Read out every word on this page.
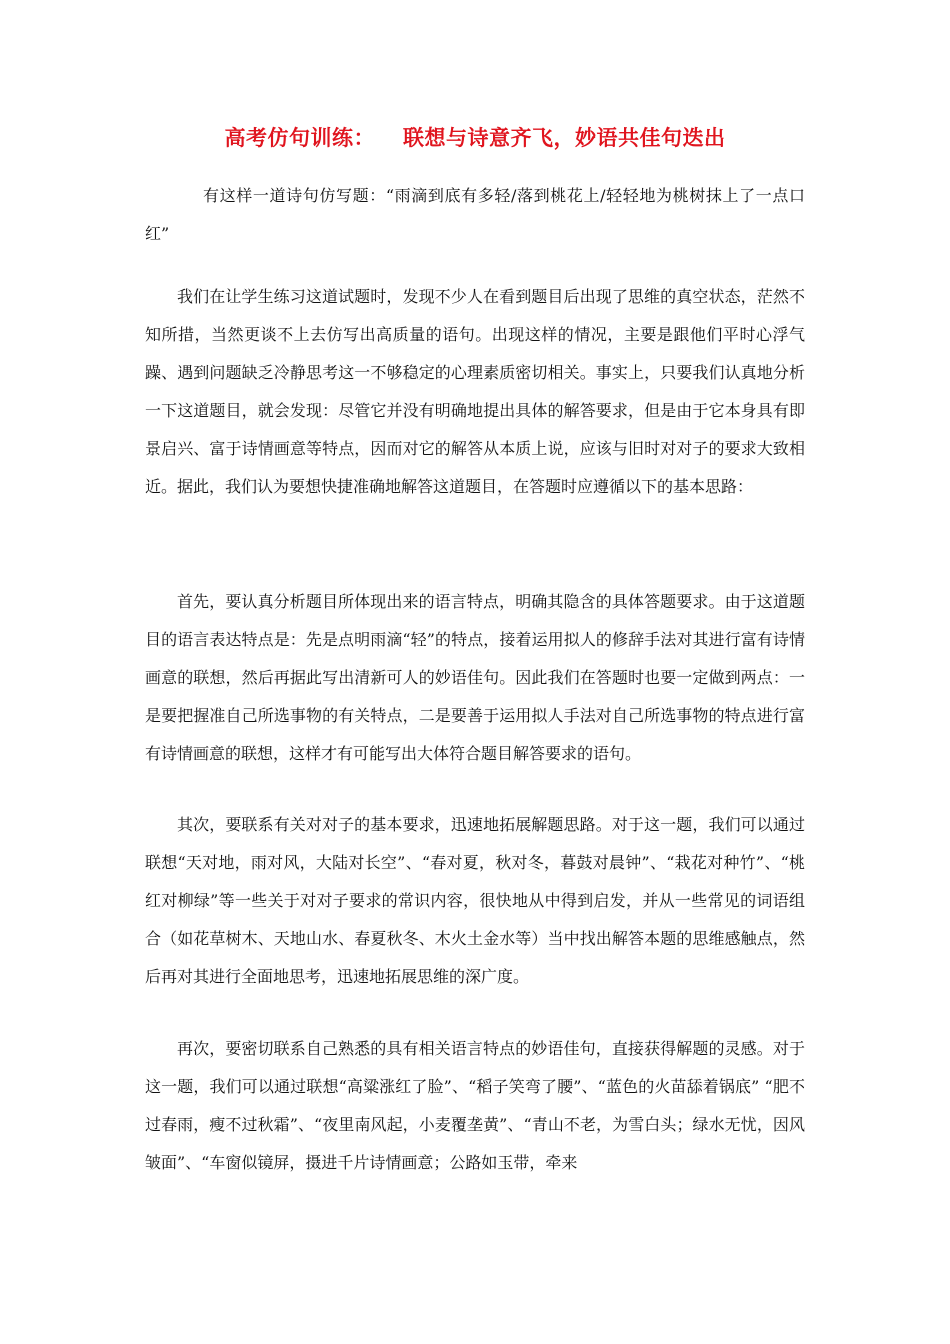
高考仿句训练： 联想与诗意齐飞，妙语共佳句迭出
有这样一道诗句仿写题：“雨滴到底有多轻/落到桃花上/轻轻地为桃树抹上了一点口红”
我们在让学生练习这道试题时，发现不少人在看到题目后出现了思维的真空状态，茫然不知所措，当然更谈不上去仿写出高质量的语句。出现这样的情况，主要是跟他们平时心浮气躁、遇到问题缺乏冷静思考这一不够稳定的心理素质密切相关。事实上，只要我们认真地分析一下这道题目，就会发现：尽管它并没有明确地提出具体的解答要求，但是由于它本身具有即景启兴、富于诗情画意等特点，因而对它的解答从本质上说，应该与旧时对对子的要求大致相近。据此，我们认为要想快捷准确地解答这道题目，在答题时应遵循以下的基本思路：
首先，要认真分析题目所体现出来的语言特点，明确其隐含的具体答题要求。由于这道题目的语言表达特点是：先是点明雨滴“轻”的特点，接着运用拟人的修辞手法对其进行富有诗情画意的联想，然后再据此写出清新可人的妙语佳句。因此我们在答题时也要一定做到两点：一是要把握准自己所选事物的有关特点，二是要善于运用拟人手法对自己所选事物的特点进行富有诗情画意的联想，这样才有可能写出大体符合题目解答要求的语句。
其次，要联系有关对对子的基本要求，迅速地拓展解题思路。对于这一题，我们可以通过联想“天对地，雨对风，大陆对长空”、“春对夏，秋对冬，暮鼓对晨钟”、“栽花对种竹”、“桃红对柳绿”等一些关于对对子要求的常识内容，很快地从中得到启发，并从一些常见的词语组合（如花草树木、天地山水、春夏秋冬、木火土金水等）当中找出解答本题的思维感触点，然后再对其进行全面地思考，迅速地拓展思维的深广度。
再次，要密切联系自己熟悉的具有相关语言特点的妙语佳句，直接获得解题的灵感。对于这一题，我们可以通过联想“高粱涨红了脸”、“稻子笑弯了腰”、“蓝色的火苗舔着锅底” “肥不过春雨，瘦不过秋霜”、“夜里南风起，小麦覆垄黄”、“青山不老，为雪白头；绿水无忧，因风皱面”、“车窗似镜屏，摄进千片诗情画意；公路如玉带，牵来
